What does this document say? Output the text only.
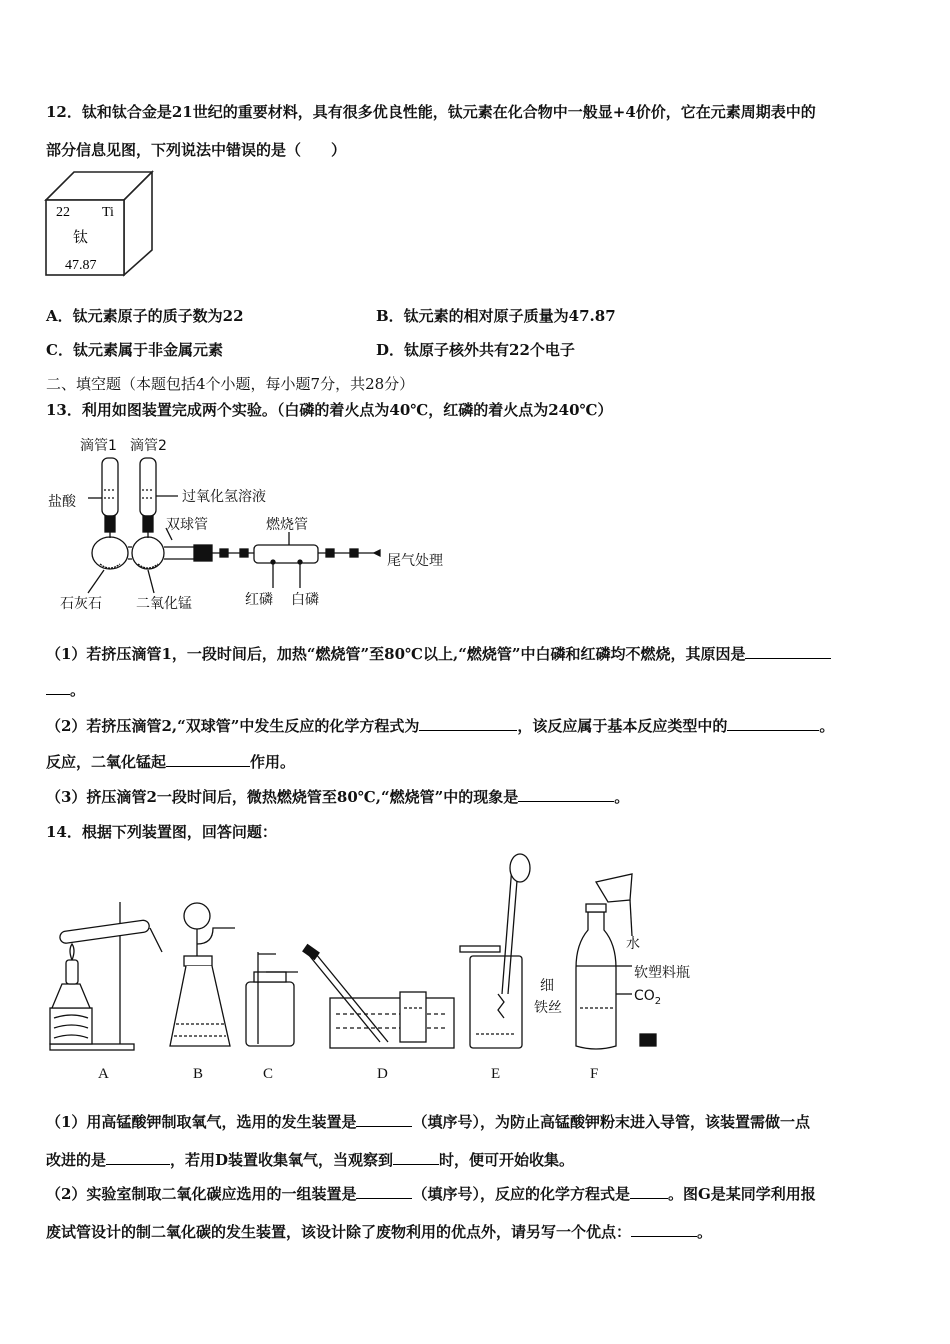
12．钛和钛合金是21世纪的重要材料，具有很多优良性能，钛元素在化合物中一般显+4价价，它在元素周期表中的
部分信息见图，下列说法中错误的是（　　）
22 Ti
钛
47.87
A．钛元素原子的质子数为22	B．钛元素的相对原子质量为47.87
C．钛元素属于非金属元素	D．钛原子核外共有22个电子
二、填空题（本题包括4个小题，每小题7分，共28分）
13．利用如图装置完成两个实验。（白磷的着火点为40℃，红磷的着火点为240℃）
滴管1 滴管2
盐酸	过氧化氢溶液
双球管	燃烧管
尾气处理
石灰石 二氧化锰	红磷 白磷
（1）若挤压滴管1，一段时间后，加热“燃烧管”至80℃以上,“燃烧管”中白磷和红磷均不燃烧，其原因是
。
（2）若挤压滴管2,“双球管”中发生反应的化学方程式为	，该反应属于基本反应类型中的	。
反应，二氧化锰起	作用。
（3）挤压滴管2一段时间后，微热燃烧管至80℃,“燃烧管”中的现象是	。
14．根据下列装置图，回答问题：
A	B	C	D	E	F
水
软塑料瓶
$CO_2$
细
铁丝
（1）用高锰酸钾制取氧气，选用的发生装置是	（填序号），为防止高锰酸钾粉末进入导管，该装置需做一点
改进的是	，若用D装置收集氧气，当观察到	时，便可开始收集。
（2）实验室制取二氧化碳应选用的一组装置是	（填序号），反应的化学方程式是	。图G是某同学利用报
废试管设计的制二氧化碳的发生装置，该设计除了废物利用的优点外，请另写一个优点：	。
